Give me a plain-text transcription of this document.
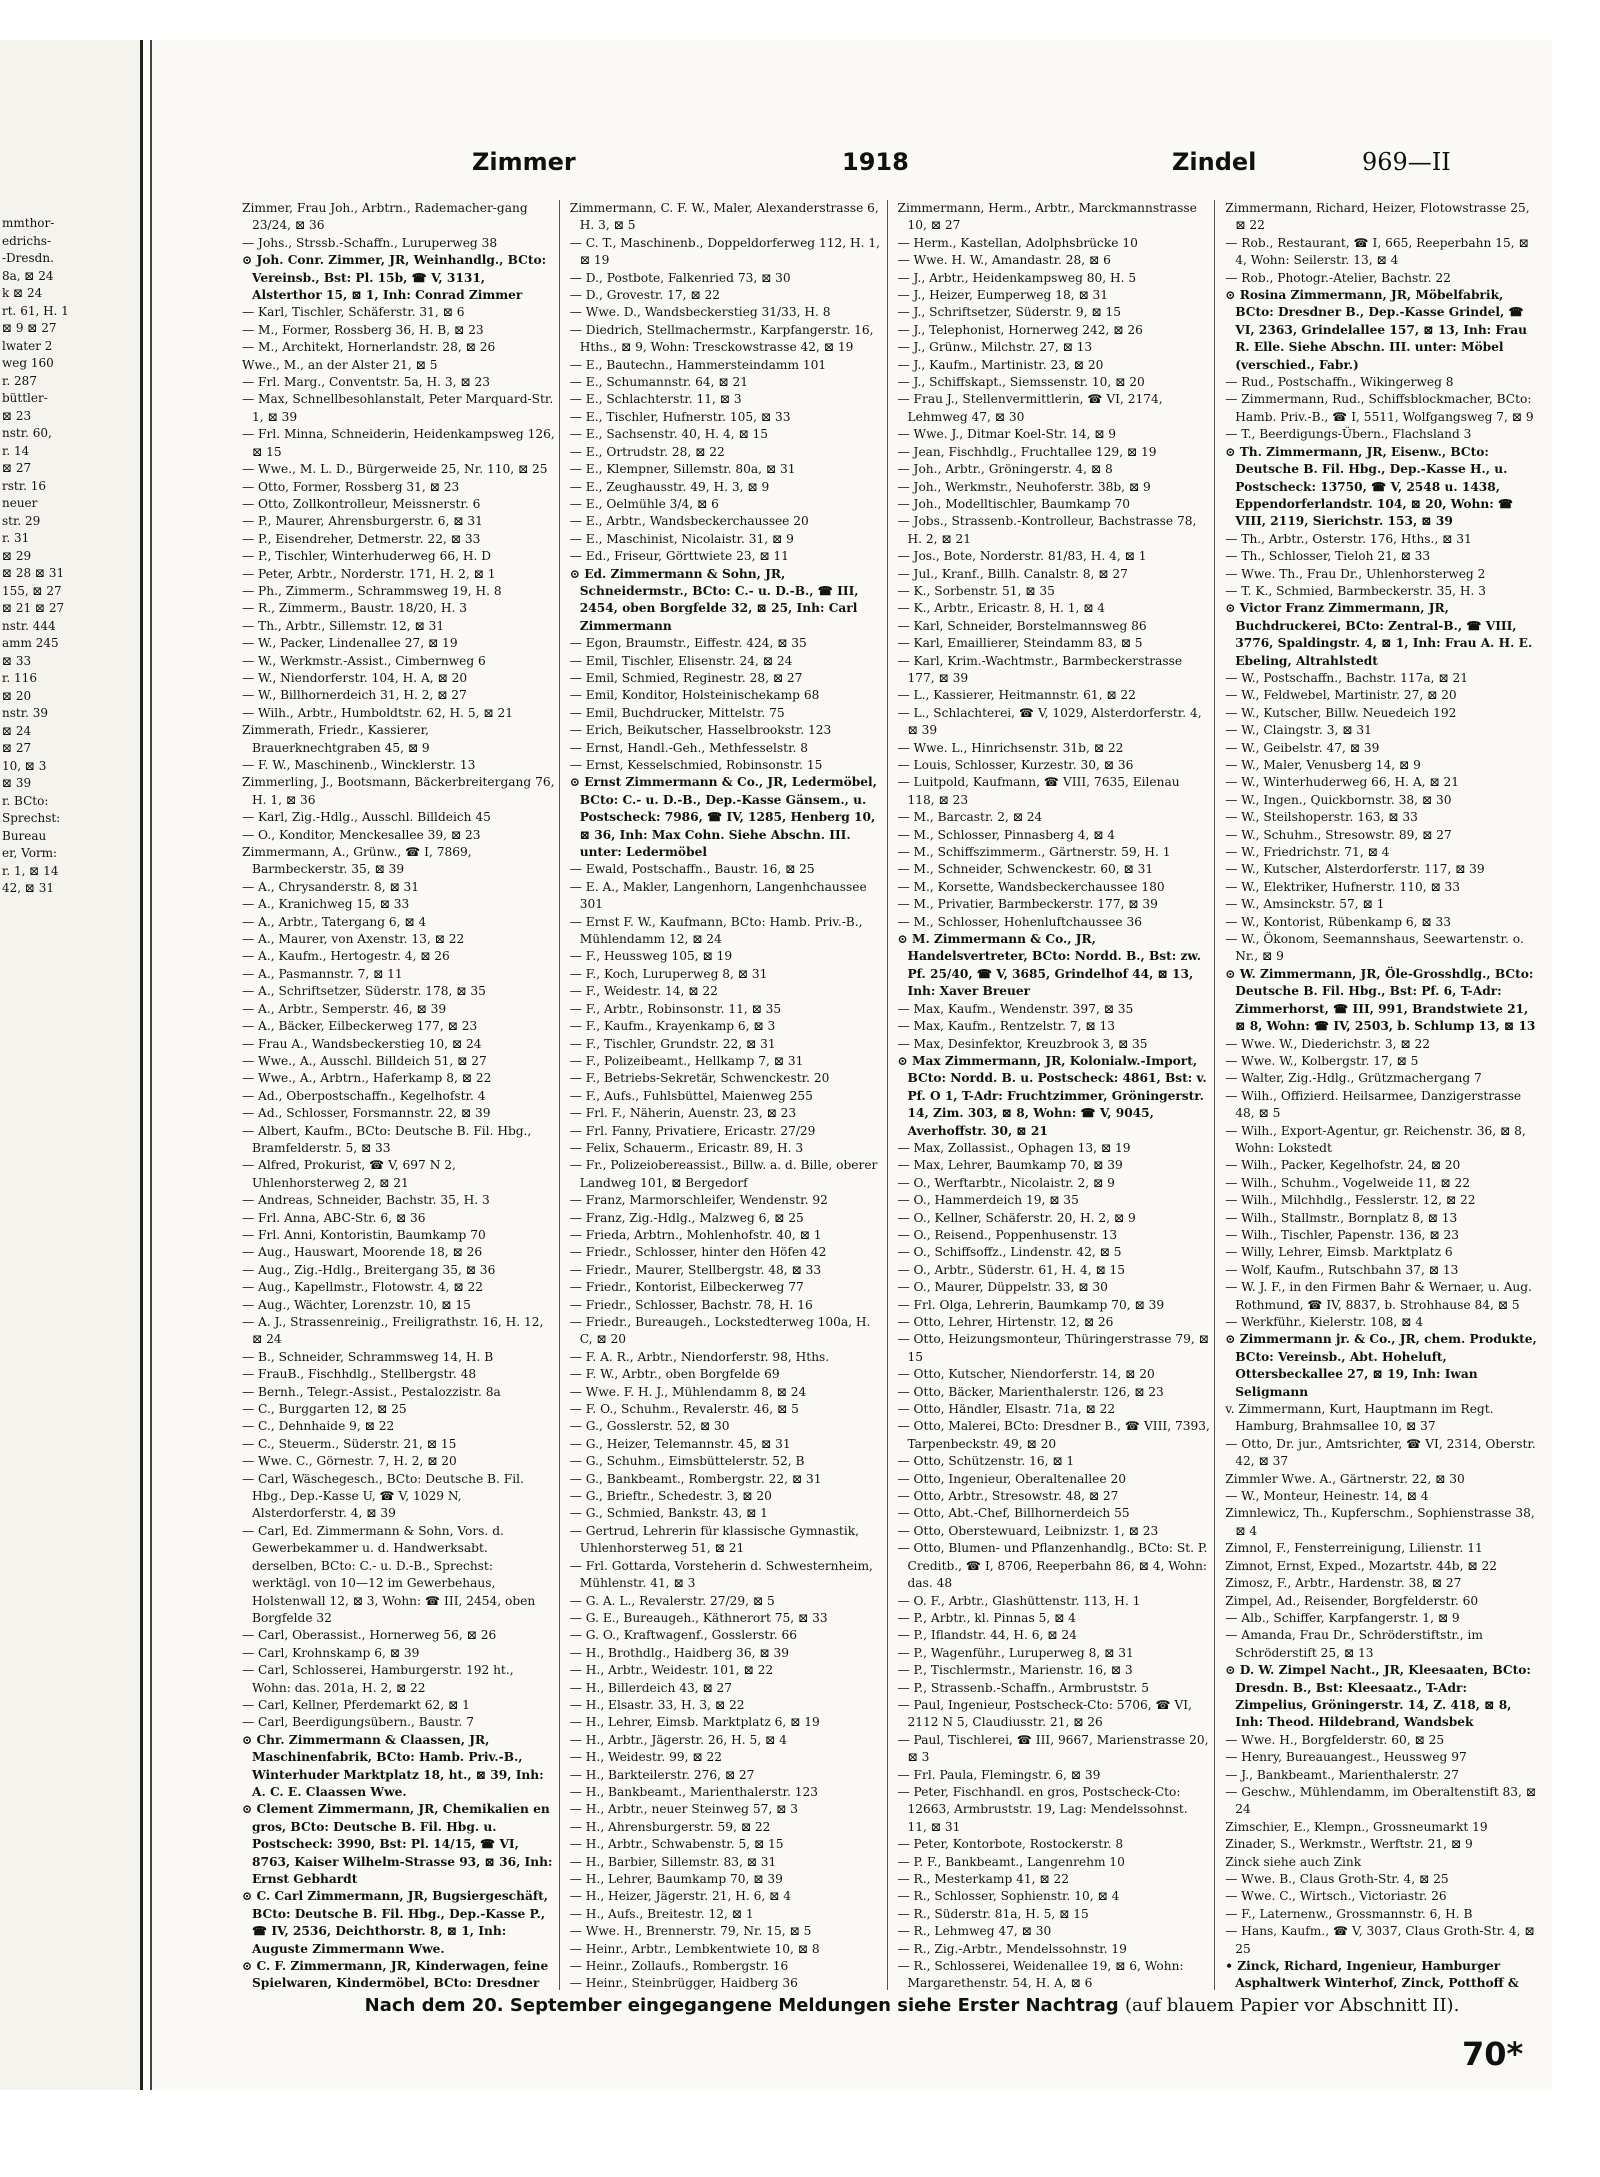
mmthor-
edrichs-
-Dresdn.
8a, ⊠ 24
k ⊠ 24
rt. 61, H. 1
⊠ 9 ⊠ 27
lwater 2
weg 160
r. 287
büttler-
⊠ 23
nstr. 60,
r. 14
⊠ 27
rstr. 16
neuer
str. 29
r. 31
⊠ 29
⊠ 28 ⊠ 31
155, ⊠ 27
⊠ 21 ⊠ 27
nstr. 444
amm 245
⊠ 33
r. 116
⊠ 20
nstr. 39
⊠ 24
⊠ 27
10, ⊠ 3
⊠ 39
r. BCto:
Sprechst:
Bureau
er, Vorm:
r. 1, ⊠ 14
42, ⊠ 31
Zimmer	1918	Zindel	969—II

Zimmer, Frau Joh., Arbtrn., Rademacher-gang 23/24, ⊠ 36

— Johs., Strssb.-Schaffn., Luruperweg 38

⊙ Joh. Conr. Zimmer, JR, Weinhandlg., BCto: Vereinsb., Bst: Pl. 15b, ☎ V, 3131, Alsterthor 15, ⊠ 1, Inh: Conrad Zimmer

— Karl, Tischler, Schäferstr. 31, ⊠ 6

— M., Former, Rossberg 36, H. B, ⊠ 23

— M., Architekt, Hornerlandstr. 28, ⊠ 26

Wwe., M., an der Alster 21, ⊠ 5

— Frl. Marg., Conventstr. 5a, H. 3, ⊠ 23

— Max, Schnellbesohlanstalt, Peter Marquard-Str. 1, ⊠ 39

— Frl. Minna, Schneiderin, Heidenkampsweg 126, ⊠ 15

— Wwe., M. L. D., Bürgerweide 25, Nr. 110, ⊠ 25

— Otto, Former, Rossberg 31, ⊠ 23

— Otto, Zollkontrolleur, Meissnerstr. 6

— P., Maurer, Ahrensburgerstr. 6, ⊠ 31

— P., Eisendreher, Detmerstr. 22, ⊠ 33

— P., Tischler, Winterhuderweg 66, H. D

— Peter, Arbtr., Norderstr. 171, H. 2, ⊠ 1

— Ph., Zimmerm., Schrammsweg 19, H. 8

— R., Zimmerm., Baustr. 18/20, H. 3

— Th., Arbtr., Sillemstr. 12, ⊠ 31

— W., Packer, Lindenallee 27, ⊠ 19

— W., Werkmstr.-Assist., Cimbernweg 6

— W., Niendorferstr. 104, H. A, ⊠ 20

— W., Billhornerdeich 31, H. 2, ⊠ 27

— Wilh., Arbtr., Humboldtstr. 62, H. 5, ⊠ 21

Zimmerath, Friedr., Kassierer, Brauerknechtgraben 45, ⊠ 9

— F. W., Maschinenb., Wincklerstr. 13

Zimmerling, J., Bootsmann, Bäckerbreitergang 76, H. 1, ⊠ 36

— Karl, Zig.-Hdlg., Ausschl. Billdeich 45

— O., Konditor, Menckesallee 39, ⊠ 23

Zimmermann, A., Grünw., ☎ I, 7869, Barmbeckerstr. 35, ⊠ 39

— A., Chrysanderstr. 8, ⊠ 31

— A., Kranichweg 15, ⊠ 33

— A., Arbtr., Tatergang 6, ⊠ 4

— A., Maurer, von Axenstr. 13, ⊠ 22

— A., Kaufm., Hertogestr. 4, ⊠ 26

— A., Pasmannstr. 7, ⊠ 11

— A., Schriftsetzer, Süderstr. 178, ⊠ 35

— A., Arbtr., Semperstr. 46, ⊠ 39

— A., Bäcker, Eilbeckerweg 177, ⊠ 23

— Frau A., Wandsbeckerstieg 10, ⊠ 24

— Wwe., A., Ausschl. Billdeich 51, ⊠ 27

— Wwe., A., Arbtrn., Haferkamp 8, ⊠ 22

— Ad., Oberpostschaffn., Kegelhofstr. 4

— Ad., Schlosser, Forsmannstr. 22, ⊠ 39

— Albert, Kaufm., BCto: Deutsche B. Fil. Hbg., Bramfelderstr. 5, ⊠ 33

— Alfred, Prokurist, ☎ V, 697 N 2, Uhlenhorsterweg 2, ⊠ 21

— Andreas, Schneider, Bachstr. 35, H. 3

— Frl. Anna, ABC-Str. 6, ⊠ 36

— Frl. Anni, Kontoristin, Baumkamp 70

— Aug., Hauswart, Moorende 18, ⊠ 26

— Aug., Zig.-Hdlg., Breitergang 35, ⊠ 36

— Aug., Kapellmstr., Flotowstr. 4, ⊠ 22

— Aug., Wächter, Lorenzstr. 10, ⊠ 15

— A. J., Strassenreinig., Freiligrathstr. 16, H. 12, ⊠ 24

— B., Schneider, Schrammsweg 14, H. B

— FrauB., Fischhdlg., Stellbergstr. 48

— Bernh., Telegr.-Assist., Pestalozzistr. 8a

— C., Burggarten 12, ⊠ 25

— C., Dehnhaide 9, ⊠ 22

— C., Steuerm., Süderstr. 21, ⊠ 15

— Wwe. C., Görnestr. 7, H. 2, ⊠ 20

— Carl, Wäschegesch., BCto: Deutsche B. Fil. Hbg., Dep.-Kasse U, ☎ V, 1029 N, Alsterdorferstr. 4, ⊠ 39

— Carl, Ed. Zimmermann & Sohn, Vors. d. Gewerbekammer u. d. Handwerksabt. derselben, BCto: C.- u. D.-B., Sprechst: werktägl. von 10—12 im Gewerbehaus, Holstenwall 12, ⊠ 3, Wohn: ☎ III, 2454, oben Borgfelde 32

— Carl, Oberassist., Hornerweg 56, ⊠ 26

— Carl, Krohnskamp 6, ⊠ 39

— Carl, Schlosserei, Hamburgerstr. 192 ht., Wohn: das. 201a, H. 2, ⊠ 22

— Carl, Kellner, Pferdemarkt 62, ⊠ 1

— Carl, Beerdigungsübern., Baustr. 7

⊙ Chr. Zimmermann & Claassen, JR, Maschinenfabrik, BCto: Hamb. Priv.-B., Winterhuder Marktplatz 18, ht., ⊠ 39, Inh: A. C. E. Claassen Wwe.

⊙ Clement Zimmermann, JR, Chemikalien en gros, BCto: Deutsche B. Fil. Hbg. u. Postscheck: 3990, Bst: Pl. 14/15, ☎ VI, 8763, Kaiser Wilhelm-Strasse 93, ⊠ 36, Inh: Ernst Gebhardt

⊙ C. Carl Zimmermann, JR, Bugsiergeschäft, BCto: Deutsche B. Fil. Hbg., Dep.-Kasse P., ☎ IV, 2536, Deichthorstr. 8, ⊠ 1, Inh: Auguste Zimmermann Wwe.

⊙ C. F. Zimmermann, JR, Kinderwagen, feine Spielwaren, Kindermöbel, BCto: Dresdner

Zimmermann, C. F. W., Maler, Alexanderstrasse 6, H. 3, ⊠ 5

— C. T., Maschinenb., Doppeldorferweg 112, H. 1, ⊠ 19

— D., Postbote, Falkenried 73, ⊠ 30

— D., Grovestr. 17, ⊠ 22

— Wwe. D., Wandsbeckerstieg 31/33, H. 8

— Diedrich, Stellmachermstr., Karpfangerstr. 16, Hths., ⊠ 9, Wohn: Tresckowstrasse 42, ⊠ 19

— E., Bautechn., Hammersteindamm 101

— E., Schumannstr. 64, ⊠ 21

— E., Schlachterstr. 11, ⊠ 3

— E., Tischler, Hufnerstr. 105, ⊠ 33

— E., Sachsenstr. 40, H. 4, ⊠ 15

— E., Ortrudstr. 28, ⊠ 22

— E., Klempner, Sillemstr. 80a, ⊠ 31

— E., Zeughausstr. 49, H. 3, ⊠ 9

— E., Oelmühle 3/4, ⊠ 6

— E., Arbtr., Wandsbeckerchaussee 20

— E., Maschinist, Nicolaistr. 31, ⊠ 9

— Ed., Friseur, Görttwiete 23, ⊠ 11

⊙ Ed. Zimmermann & Sohn, JR, Schneidermstr., BCto: C.- u. D.-B., ☎ III, 2454, oben Borgfelde 32, ⊠ 25, Inh: Carl Zimmermann

— Egon, Braumstr., Eiffestr. 424, ⊠ 35

— Emil, Tischler, Elisenstr. 24, ⊠ 24

— Emil, Schmied, Reginestr. 28, ⊠ 27

— Emil, Konditor, Holsteinischekamp 68

— Emil, Buchdrucker, Mittelstr. 75

— Erich, Beikutscher, Hasselbrookstr. 123

— Ernst, Handl.-Geh., Methfesselstr. 8

— Ernst, Kesselschmied, Robinsonstr. 15

⊙ Ernst Zimmermann & Co., JR, Ledermöbel, BCto: C.- u. D.-B., Dep.-Kasse Gänsem., u. Postscheck: 7986, ☎ IV, 1285, Henberg 10, ⊠ 36, Inh: Max Cohn. Siehe Abschn. III. unter: Ledermöbel

— Ewald, Postschaffn., Baustr. 16, ⊠ 25

— E. A., Makler, Langenhorn, Langenhchaussee 301

— Ernst F. W., Kaufmann, BCto: Hamb. Priv.-B., Mühlendamm 12, ⊠ 24

— F., Heussweg 105, ⊠ 19

— F., Koch, Luruperweg 8, ⊠ 31

— F., Weidestr. 14, ⊠ 22

— F., Arbtr., Robinsonstr. 11, ⊠ 35

— F., Kaufm., Krayenkamp 6, ⊠ 3

— F., Tischler, Grundstr. 22, ⊠ 31

— F., Polizeibeamt., Hellkamp 7, ⊠ 31

— F., Betriebs-Sekretär, Schwenckestr. 20

— F., Aufs., Fuhlsbüttel, Maienweg 255

— Frl. F., Näherin, Auenstr. 23, ⊠ 23

— Frl. Fanny, Privatiere, Ericastr. 27/29

— Felix, Schauerm., Ericastr. 89, H. 3

— Fr., Polizeiobereassist., Billw. a. d. Bille, oberer Landweg 101, ⊠ Bergedorf

— Franz, Marmorschleifer, Wendenstr. 92

— Franz, Zig.-Hdlg., Malzweg 6, ⊠ 25

— Frieda, Arbtrn., Mohlenhofstr. 40, ⊠ 1

— Friedr., Schlosser, hinter den Höfen 42

— Friedr., Maurer, Stellbergstr. 48, ⊠ 33

— Friedr., Kontorist, Eilbeckerweg 77

— Friedr., Schlosser, Bachstr. 78, H. 16

— Friedr., Bureaugeh., Lockstedterweg 100a, H. C, ⊠ 20

— F. A. R., Arbtr., Niendorferstr. 98, Hths.

— F. W., Arbtr., oben Borgfelde 69

— Wwe. F. H. J., Mühlendamm 8, ⊠ 24

— F. O., Schuhm., Revalerstr. 46, ⊠ 5

— G., Gosslerstr. 52, ⊠ 30

— G., Heizer, Telemannstr. 45, ⊠ 31

— G., Schuhm., Eimsbüttelerstr. 52, B

— G., Bankbeamt., Rombergstr. 22, ⊠ 31

— G., Brieftr., Schedestr. 3, ⊠ 20

— G., Schmied, Bankstr. 43, ⊠ 1

— Gertrud, Lehrerin für klassische Gymnastik, Uhlenhorsterweg 51, ⊠ 21

— Frl. Gottarda, Vorsteherin d. Schwesternheim, Mühlenstr. 41, ⊠ 3

— G. A. L., Revalerstr. 27/29, ⊠ 5

— G. E., Bureaugeh., Käthnerort 75, ⊠ 33

— G. O., Kraftwagenf., Gosslerstr. 66

— H., Brothdlg., Haidberg 36, ⊠ 39

— H., Arbtr., Weidestr. 101, ⊠ 22

— H., Billerdeich 43, ⊠ 27

— H., Elsastr. 33, H. 3, ⊠ 22

— H., Lehrer, Eimsb. Marktplatz 6, ⊠ 19

— H., Arbtr., Jägerstr. 26, H. 5, ⊠ 4

— H., Weidestr. 99, ⊠ 22

— H., Barkteilerstr. 276, ⊠ 27

— H., Bankbeamt., Marienthalerstr. 123

— H., Arbtr., neuer Steinweg 57, ⊠ 3

— H., Ahrensburgerstr. 59, ⊠ 22

— H., Arbtr., Schwabenstr. 5, ⊠ 15

— H., Barbier, Sillemstr. 83, ⊠ 31

— H., Lehrer, Baumkamp 70, ⊠ 39

— H., Heizer, Jägerstr. 21, H. 6, ⊠ 4

— H., Aufs., Breitestr. 12, ⊠ 1

— Wwe. H., Brennerstr. 79, Nr. 15, ⊠ 5

— Heinr., Arbtr., Lembkentwiete 10, ⊠ 8

— Heinr., Zollaufs., Rombergstr. 16

— Heinr., Steinbrügger, Haidberg 36

Zimmermann, Herm., Arbtr., Marckmannstrasse 10, ⊠ 27

— Herm., Kastellan, Adolphsbrücke 10

— Wwe. H. W., Amandastr. 28, ⊠ 6

— J., Arbtr., Heidenkampsweg 80, H. 5

— J., Heizer, Eumperweg 18, ⊠ 31

— J., Schriftsetzer, Süderstr. 9, ⊠ 15

— J., Telephonist, Hornerweg 242, ⊠ 26

— J., Grünw., Milchstr. 27, ⊠ 13

— J., Kaufm., Martinistr. 23, ⊠ 20

— J., Schiffskapt., Siemssenstr. 10, ⊠ 20

— Frau J., Stellenvermittlerin, ☎ VI, 2174, Lehmweg 47, ⊠ 30

— Wwe. J., Ditmar Koel-Str. 14, ⊠ 9

— Jean, Fischhdlg., Fruchtallee 129, ⊠ 19

— Joh., Arbtr., Gröningerstr. 4, ⊠ 8

— Joh., Werkmstr., Neuhoferstr. 38b, ⊠ 9

— Joh., Modelltischler, Baumkamp 70

— Jobs., Strassenb.-Kontrolleur, Bachstrasse 78, H. 2, ⊠ 21

— Jos., Bote, Norderstr. 81/83, H. 4, ⊠ 1

— Jul., Kranf., Billh. Canalstr. 8, ⊠ 27

— K., Sorbenstr. 51, ⊠ 35

— K., Arbtr., Ericastr. 8, H. 1, ⊠ 4

— Karl, Schneider, Borstelmannsweg 86

— Karl, Emaillierer, Steindamm 83, ⊠ 5

— Karl, Krim.-Wachtmstr., Barmbeckerstrasse 177, ⊠ 39

— L., Kassierer, Heitmannstr. 61, ⊠ 22

— L., Schlachterei, ☎ V, 1029, Alsterdorferstr. 4, ⊠ 39

— Wwe. L., Hinrichsenstr. 31b, ⊠ 22

— Louis, Schlosser, Kurzestr. 30, ⊠ 36

— Luitpold, Kaufmann, ☎ VIII, 7635, Eilenau 118, ⊠ 23

— M., Barcastr. 2, ⊠ 24

— M., Schlosser, Pinnasberg 4, ⊠ 4

— M., Schiffszimmerm., Gärtnerstr. 59, H. 1

— M., Schneider, Schwenckestr. 60, ⊠ 31

— M., Korsette, Wandsbeckerchaussee 180

— M., Privatier, Barmbeckerstr. 177, ⊠ 39

— M., Schlosser, Hohenluftchaussee 36

⊙ M. Zimmermann & Co., JR, Handelsvertreter, BCto: Nordd. B., Bst: zw. Pf. 25/40, ☎ V, 3685, Grindelhof 44, ⊠ 13, Inh: Xaver Breuer

— Max, Kaufm., Wendenstr. 397, ⊠ 35

— Max, Kaufm., Rentzelstr. 7, ⊠ 13

— Max, Desinfektor, Kreuzbrook 3, ⊠ 35

⊙ Max Zimmermann, JR, Kolonialw.-Import, BCto: Nordd. B. u. Postscheck: 4861, Bst: v. Pf. O 1, T-Adr: Fruchtzimmer, Gröningerstr. 14, Zim. 303, ⊠ 8, Wohn: ☎ V, 9045, Averhoffstr. 30, ⊠ 21

— Max, Zollassist., Ophagen 13, ⊠ 19

— Max, Lehrer, Baumkamp 70, ⊠ 39

— O., Werftarbtr., Nicolaistr. 2, ⊠ 9

— O., Hammerdeich 19, ⊠ 35

— O., Kellner, Schäferstr. 20, H. 2, ⊠ 9

— O., Reisend., Poppenhusenstr. 13

— O., Schiffsoffz., Lindenstr. 42, ⊠ 5

— O., Arbtr., Süderstr. 61, H. 4, ⊠ 15

— O., Maurer, Düppelstr. 33, ⊠ 30

— Frl. Olga, Lehrerin, Baumkamp 70, ⊠ 39

— Otto, Lehrer, Hirtenstr. 12, ⊠ 26

— Otto, Heizungsmonteur, Thüringerstrasse 79, ⊠ 15

— Otto, Kutscher, Niendorferstr. 14, ⊠ 20

— Otto, Bäcker, Marienthalerstr. 126, ⊠ 23

— Otto, Händler, Elsastr. 71a, ⊠ 22

— Otto, Malerei, BCto: Dresdner B., ☎ VIII, 7393, Tarpenbeckstr. 49, ⊠ 20

— Otto, Schützenstr. 16, ⊠ 1

— Otto, Ingenieur, Oberaltenallee 20

— Otto, Arbtr., Stresowstr. 48, ⊠ 27

— Otto, Abt.-Chef, Billhornerdeich 55

— Otto, Oberstewuard, Leibnizstr. 1, ⊠ 23

— Otto, Blumen- und Pflanzenhandlg., BCto: St. P. Creditb., ☎ I, 8706, Reeperbahn 86, ⊠ 4, Wohn: das. 48

— O. F., Arbtr., Glashüttenstr. 113, H. 1

— P., Arbtr., kl. Pinnas 5, ⊠ 4

— P., Iflandstr. 44, H. 6, ⊠ 24

— P., Wagenführ., Luruperweg 8, ⊠ 31

— P., Tischlermstr., Marienstr. 16, ⊠ 3

— P., Strassenb.-Schaffn., Armbruststr. 5

— Paul, Ingenieur, Postscheck-Cto: 5706, ☎ VI, 2112 N 5, Claudiusstr. 21, ⊠ 26

— Paul, Tischlerei, ☎ III, 9667, Marienstrasse 20, ⊠ 3

— Frl. Paula, Flemingstr. 6, ⊠ 39

— Peter, Fischhandl. en gros, Postscheck-Cto: 12663, Armbruststr. 19, Lag: Mendelssohnst. 11, ⊠ 31

— Peter, Kontorbote, Rostockerstr. 8

— P. F., Bankbeamt., Langenrehm 10

— R., Mesterkamp 41, ⊠ 22

— R., Schlosser, Sophienstr. 10, ⊠ 4

— R., Süderstr. 81a, H. 5, ⊠ 15

— R., Lehmweg 47, ⊠ 30

— R., Zig.-Arbtr., Mendelssohnstr. 19

— R., Schlosserei, Weidenallee 19, ⊠ 6, Wohn: Margarethenstr. 54, H. A, ⊠ 6

Zimmermann, Richard, Heizer, Flotowstrasse 25, ⊠ 22

— Rob., Restaurant, ☎ I, 665, Reeperbahn 15, ⊠ 4, Wohn: Seilerstr. 13, ⊠ 4

— Rob., Photogr.-Atelier, Bachstr. 22

⊙ Rosina Zimmermann, JR, Möbelfabrik, BCto: Dresdner B., Dep.-Kasse Grindel, ☎ VI, 2363, Grindelallee 157, ⊠ 13, Inh: Frau R. Elle. Siehe Abschn. III. unter: Möbel (verschied., Fabr.)

— Rud., Postschaffn., Wikingerweg 8

— Zimmermann, Rud., Schiffsblockmacher, BCto: Hamb. Priv.-B., ☎ I, 5511, Wolfgangsweg 7, ⊠ 9

— T., Beerdigungs-Übern., Flachsland 3

⊙ Th. Zimmermann, JR, Eisenw., BCto: Deutsche B. Fil. Hbg., Dep.-Kasse H., u. Postscheck: 13750, ☎ V, 2548 u. 1438, Eppendorferlandstr. 104, ⊠ 20, Wohn: ☎ VIII, 2119, Sierichstr. 153, ⊠ 39

— Th., Arbtr., Osterstr. 176, Hths., ⊠ 31

— Th., Schlosser, Tieloh 21, ⊠ 33

— Wwe. Th., Frau Dr., Uhlenhorsterweg 2

— T. K., Schmied, Barmbeckerstr. 35, H. 3

⊙ Victor Franz Zimmermann, JR, Buchdruckerei, BCto: Zentral-B., ☎ VIII, 3776, Spaldingstr. 4, ⊠ 1, Inh: Frau A. H. E. Ebeling, Altrahlstedt

— W., Postschaffn., Bachstr. 117a, ⊠ 21

— W., Feldwebel, Martinistr. 27, ⊠ 20

— W., Kutscher, Billw. Neuedeich 192

— W., Claingstr. 3, ⊠ 31

— W., Geibelstr. 47, ⊠ 39

— W., Maler, Venusberg 14, ⊠ 9

— W., Winterhuderweg 66, H. A, ⊠ 21

— W., Ingen., Quickbornstr. 38, ⊠ 30

— W., Steilshoperstr. 163, ⊠ 33

— W., Schuhm., Stresowstr. 89, ⊠ 27

— W., Friedrichstr. 71, ⊠ 4

— W., Kutscher, Alsterdorferstr. 117, ⊠ 39

— W., Elektriker, Hufnerstr. 110, ⊠ 33

— W., Amsinckstr. 57, ⊠ 1

— W., Kontorist, Rübenkamp 6, ⊠ 33

— W., Ökonom, Seemannshaus, Seewartenstr. o. Nr., ⊠ 9

⊙ W. Zimmermann, JR, Öle-Grosshdlg., BCto: Deutsche B. Fil. Hbg., Bst: Pf. 6, T-Adr: Zimmerhorst, ☎ III, 991, Brandstwiete 21, ⊠ 8, Wohn: ☎ IV, 2503, b. Schlump 13, ⊠ 13

— Wwe. W., Diederichstr. 3, ⊠ 22

— Wwe. W., Kolbergstr. 17, ⊠ 5

— Walter, Zig.-Hdlg., Grützmachergang 7

— Wilh., Offizierd. Heilsarmee, Danzigerstrasse 48, ⊠ 5

— Wilh., Export-Agentur, gr. Reichenstr. 36, ⊠ 8, Wohn: Lokstedt

— Wilh., Packer, Kegelhofstr. 24, ⊠ 20

— Wilh., Schuhm., Vogelweide 11, ⊠ 22

— Wilh., Milchhdlg., Fesslerstr. 12, ⊠ 22

— Wilh., Stallmstr., Bornplatz 8, ⊠ 13

— Wilh., Tischler, Papenstr. 136, ⊠ 23

— Willy, Lehrer, Eimsb. Marktplatz 6

— Wolf, Kaufm., Rutschbahn 37, ⊠ 13

— W. J. F., in den Firmen Bahr & Wernaer, u. Aug. Rothmund, ☎ IV, 8837, b. Strohhause 84, ⊠ 5

— Werkführ., Kielerstr. 108, ⊠ 4

⊙ Zimmermann jr. & Co., JR, chem. Produkte, BCto: Vereinsb., Abt. Hoheluft, Ottersbeckallee 27, ⊠ 19, Inh: Iwan Seligmann

v. Zimmermann, Kurt, Hauptmann im Regt. Hamburg, Brahmsallee 10, ⊠ 37

— Otto, Dr. jur., Amtsrichter, ☎ VI, 2314, Oberstr. 42, ⊠ 37

Zimmler Wwe. A., Gärtnerstr. 22, ⊠ 30

— W., Monteur, Heinestr. 14, ⊠ 4

Zimnlewicz, Th., Kupferschm., Sophienstrasse 38, ⊠ 4

Zimnol, F., Fensterreinigung, Lilienstr. 11

Zimnot, Ernst, Exped., Mozartstr. 44b, ⊠ 22

Zimosz, F., Arbtr., Hardenstr. 38, ⊠ 27

Zimpel, Ad., Reisender, Borgfelderstr. 60

— Alb., Schiffer, Karpfangerstr. 1, ⊠ 9

— Amanda, Frau Dr., Schröderstiftstr., im Schröderstift 25, ⊠ 13

⊙ D. W. Zimpel Nacht., JR, Kleesaaten, BCto: Dresdn. B., Bst: Kleesaatz., T-Adr: Zimpelius, Gröningerstr. 14, Z. 418, ⊠ 8, Inh: Theod. Hildebrand, Wandsbek

— Wwe. H., Borgfelderstr. 60, ⊠ 25

— Henry, Bureauangest., Heussweg 97

— J., Bankbeamt., Marienthalerstr. 27

— Geschw., Mühlendamm, im Oberaltenstift 83, ⊠ 24

Zimschier, E., Klempn., Grossneumarkt 19

Zinader, S., Werkmstr., Werftstr. 21, ⊠ 9

Zinck siehe auch Zink

— Wwe. B., Claus Groth-Str. 4, ⊠ 25

— Wwe. C., Wirtsch., Victoriastr. 26

— F., Laternenw., Grossmannstr. 6, H. B

— Hans, Kaufm., ☎ V, 3037, Claus Groth-Str. 4, ⊠ 25

• Zinck, Richard, Ingenieur, Hamburger Asphaltwerk Winterhof, Zinck, Potthoff &

Nach dem 20. September eingegangene Meldungen siehe Erster Nachtrag (auf blauem Papier vor Abschnitt II).
70*
